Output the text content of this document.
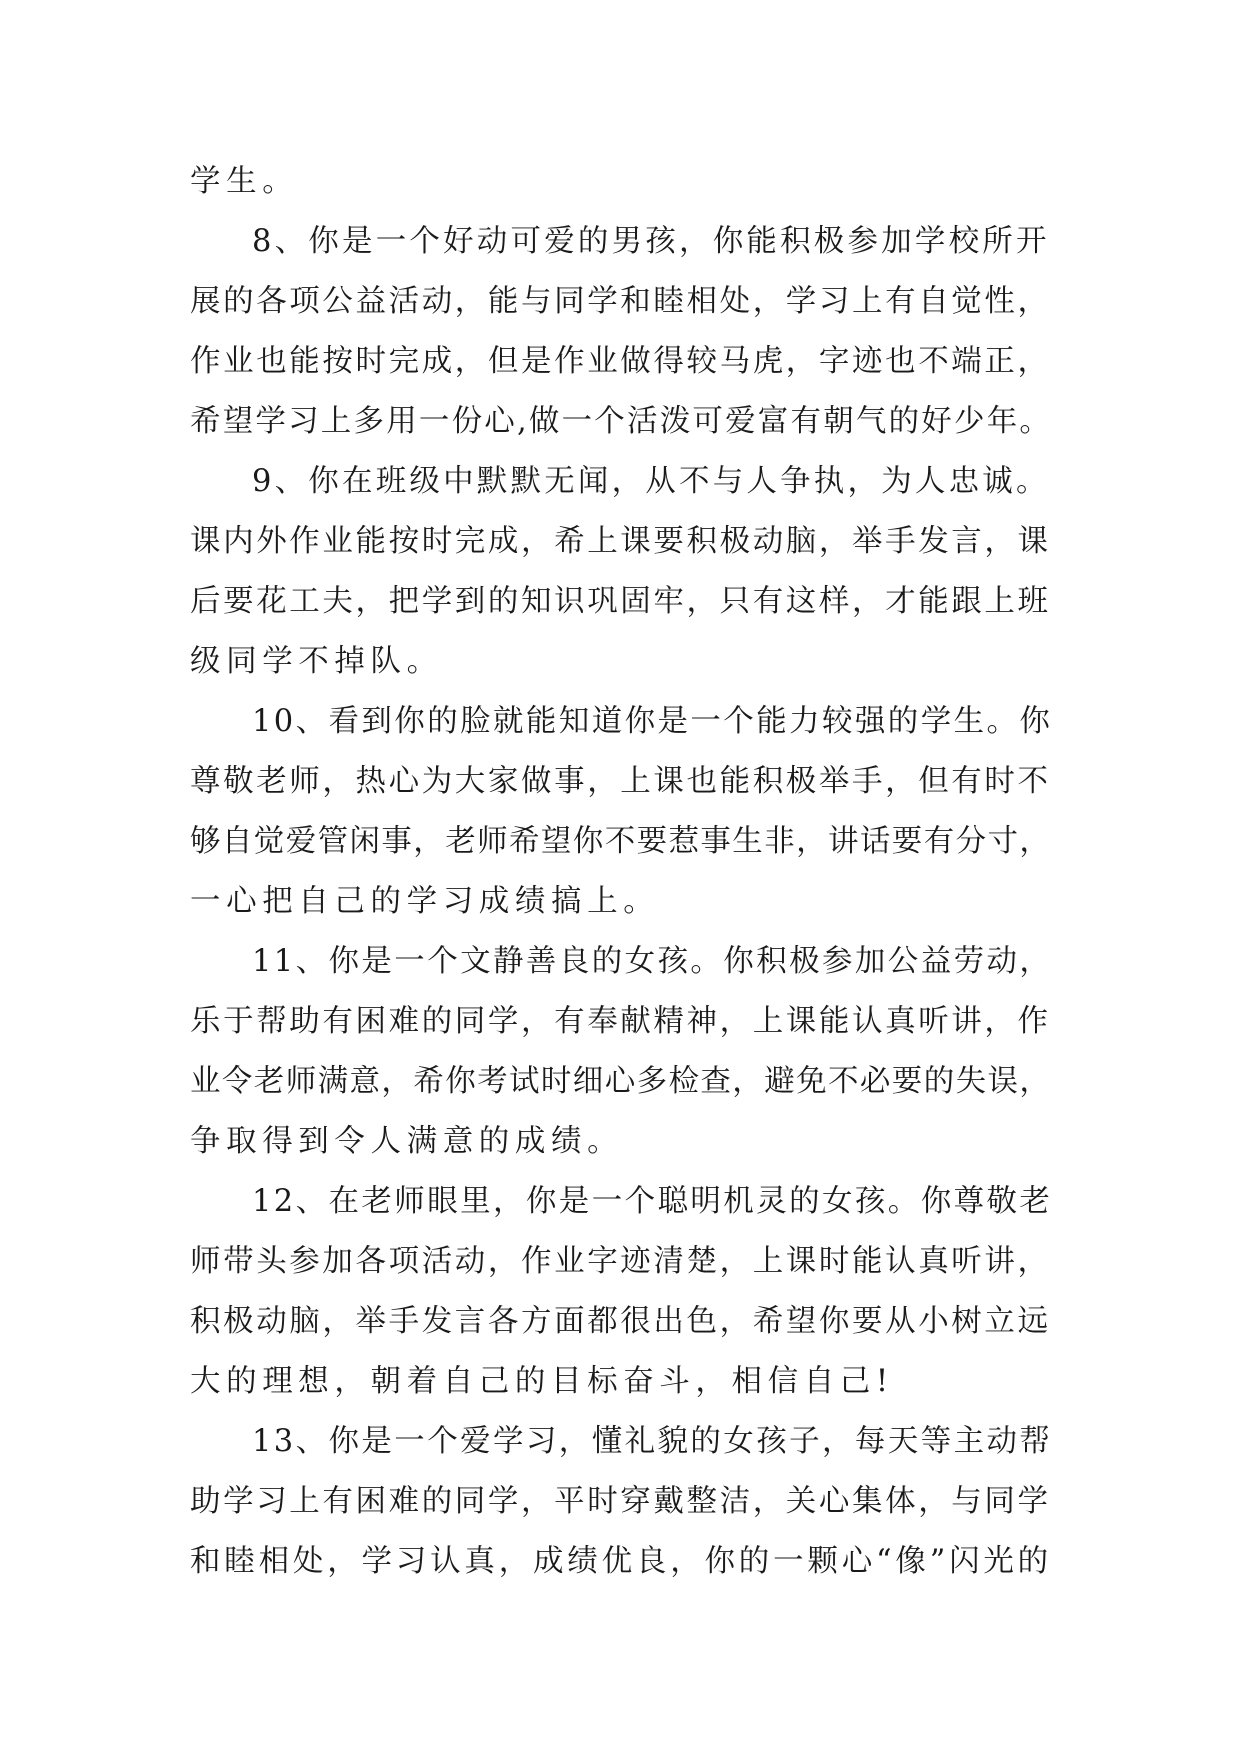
学生。
8、你是一个好动可爱的男孩，你能积极参加学校所开
展的各项公益活动，能与同学和睦相处，学习上有自觉性，
作业也能按时完成，但是作业做得较马虎，字迹也不端正，
希望学习上多用一份心,做一个活泼可爱富有朝气的好少年。
9、你在班级中默默无闻，从不与人争执，为人忠诚。
课内外作业能按时完成，希上课要积极动脑，举手发言，课
后要花工夫，把学到的知识巩固牢，只有这样，才能跟上班
级同学不掉队。
10、看到你的脸就能知道你是一个能力较强的学生。你
尊敬老师，热心为大家做事，上课也能积极举手，但有时不
够自觉爱管闲事，老师希望你不要惹事生非，讲话要有分寸，
一心把自己的学习成绩搞上。
11、你是一个文静善良的女孩。你积极参加公益劳动，
乐于帮助有困难的同学，有奉献精神，上课能认真听讲，作
业令老师满意，希你考试时细心多检查，避免不必要的失误，
争取得到令人满意的成绩。
12、在老师眼里，你是一个聪明机灵的女孩。你尊敬老
师带头参加各项活动，作业字迹清楚，上课时能认真听讲，
积极动脑，举手发言各方面都很出色，希望你要从小树立远
大的理想，朝着自己的目标奋斗，相信自己!
13、你是一个爱学习，懂礼貌的女孩子，每天等主动帮
助学习上有困难的同学，平时穿戴整洁，关心集体，与同学
和睦相处，学习认真，成绩优良，你的一颗心“像”闪光的
